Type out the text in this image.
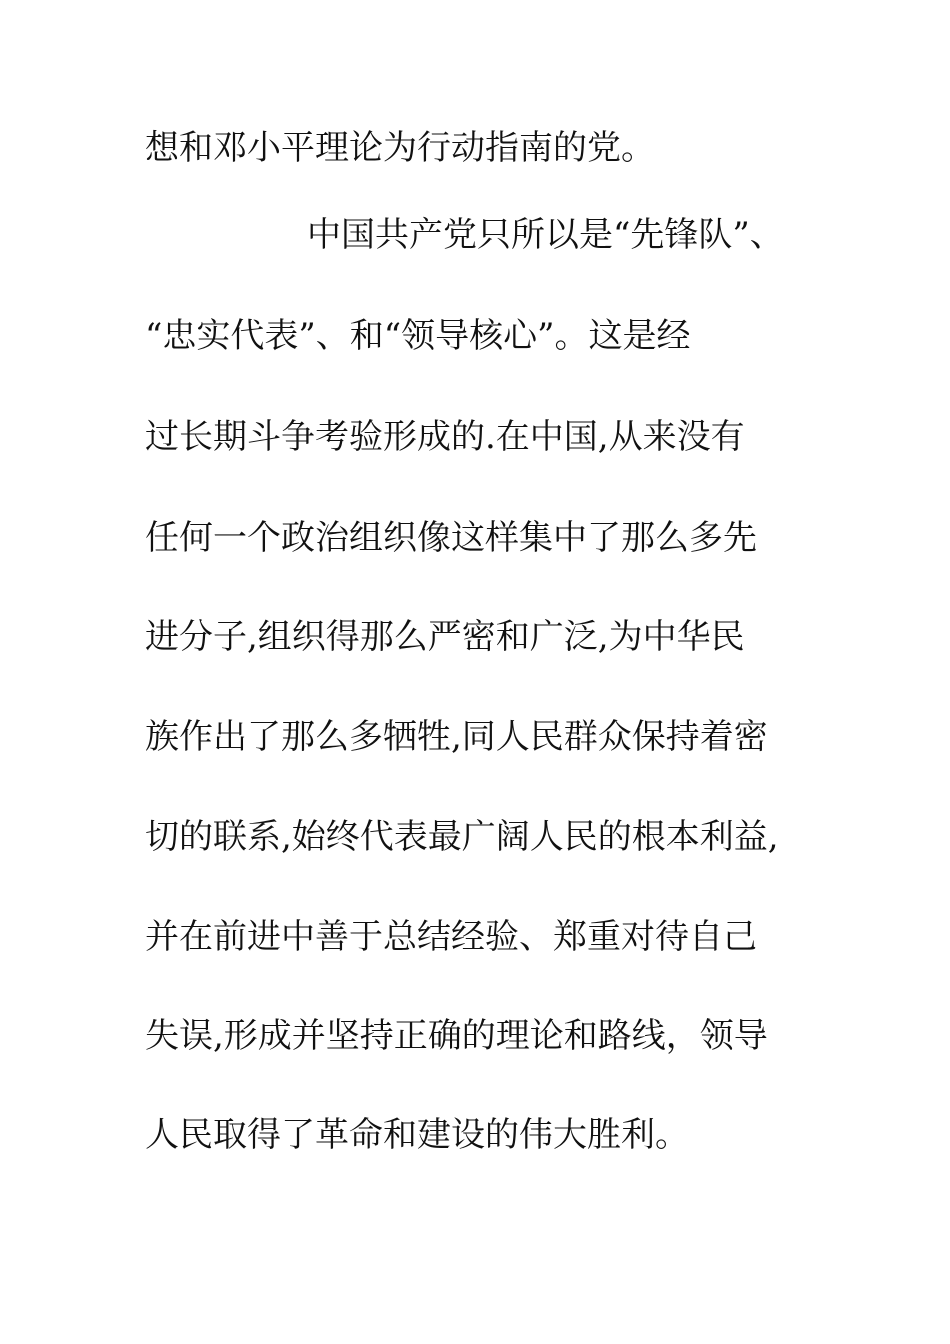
想和邓小平理论为行动指南的党。

中国共产党只所以是“先锋队”、

“忠实代表”、和“领导核心”。这是经

过长期斗争考验形成的.在中国,从来没有

任何一个政治组织像这样集中了那么多先

进分子,组织得那么严密和广泛,为中华民

族作出了那么多牺牲,同人民群众保持着密

切的联系,始终代表最广阔人民的根本利益,

并在前进中善于总结经验、郑重对待自己

失误,形成并坚持正确的理论和路线，领导

人民取得了革命和建设的伟大胜利。
